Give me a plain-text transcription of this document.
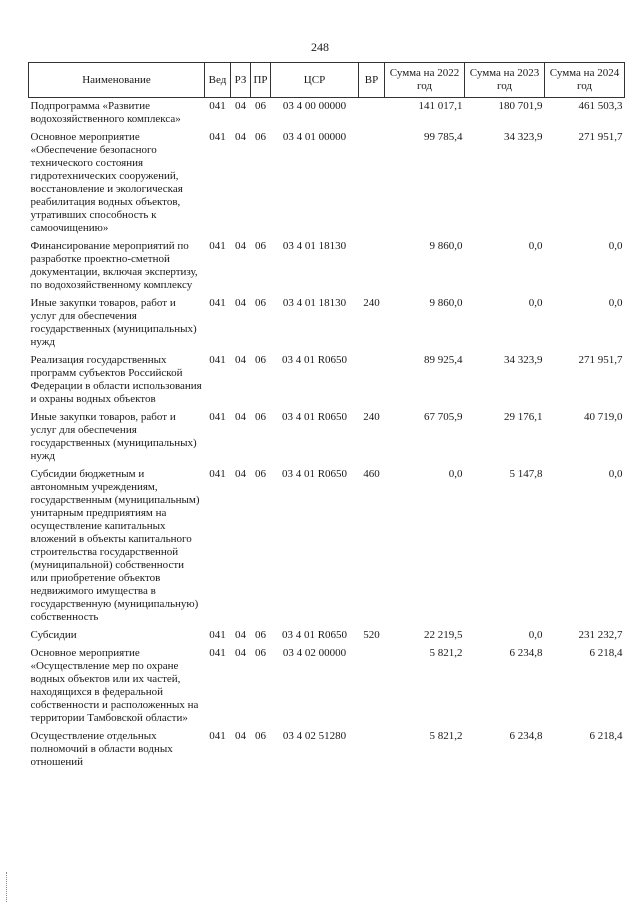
248
Наименование	Вед	РЗ	ПР	ЦСР	ВР	Сумма на 2022 год	Сумма на 2023 год	Сумма на 2024 год
Подпрограмма «Развитие водохозяйственного комплекса»	041	04	06	03 4 00 00000		141 017,1	180 701,9	461 503,3
Основное мероприятие «Обеспечение безопасного технического состояния гидротехнических сооружений, восстановление и экологическая реабилитация водных объектов, утративших способность к самоочищению»	041	04	06	03 4 01 00000		99 785,4	34 323,9	271 951,7
Финансирование мероприятий по разработке проектно-сметной документации, включая экспертизу, по водохозяйственному комплексу	041	04	06	03 4 01 18130		9 860,0	0,0	0,0
Иные закупки товаров, работ и услуг для обеспечения государственных (муниципальных) нужд	041	04	06	03 4 01 18130	240	9 860,0	0,0	0,0
Реализация государственных программ субъектов Российской Федерации в области использования и охраны водных объектов	041	04	06	03 4 01 R0650		89 925,4	34 323,9	271 951,7
Иные закупки товаров, работ и услуг для обеспечения государственных (муниципальных) нужд	041	04	06	03 4 01 R0650	240	67 705,9	29 176,1	40 719,0
Субсидии бюджетным и автономным учреждениям, государственным (муниципальным) унитарным предприятиям на осуществление капитальных вложений в объекты капитального строительства государственной (муниципальной) собственности или приобретение объектов недвижимого имущества в государственную (муниципальную) собственность	041	04	06	03 4 01 R0650	460	0,0	5 147,8	0,0
Субсидии	041	04	06	03 4 01 R0650	520	22 219,5	0,0	231 232,7
Основное мероприятие «Осуществление мер по охране водных объектов или их частей, находящихся в федеральной собственности и расположенных на территории Тамбовской области»	041	04	06	03 4 02 00000		5 821,2	6 234,8	6 218,4
Осуществление отдельных полномочий в области водных отношений	041	04	06	03 4 02 51280		5 821,2	6 234,8	6 218,4
